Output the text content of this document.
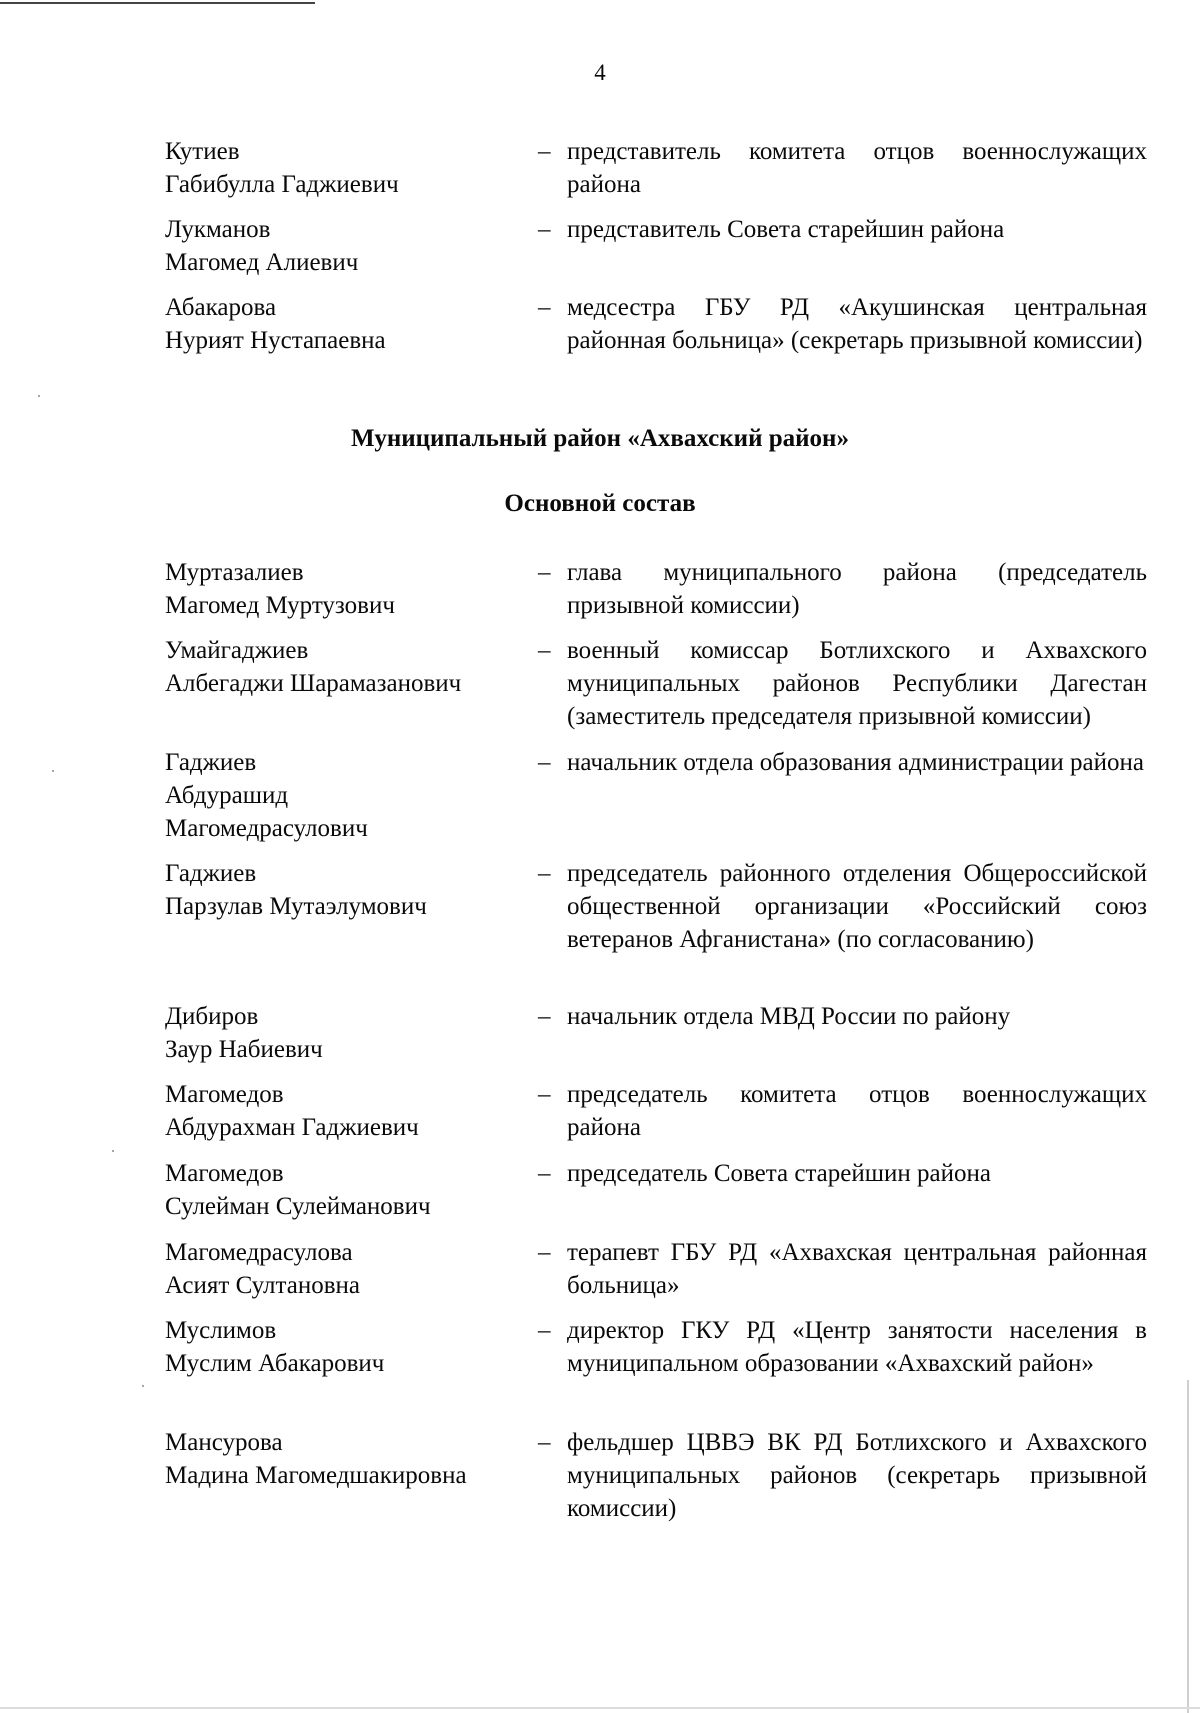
4
Кутиев
Габибулла Гаджиевич
– представитель комитета отцов военнослужащих района
Лукманов
Магомед Алиевич
– представитель Совета старейшин района
Абакарова
Нурият Нустапаевна
– медсестра ГБУ РД «Акушинская центральная районная больница» (секретарь призывной комиссии)
Муниципальный район «Ахвахский район»
Основной состав
Муртазалиев
Магомед Муртузович
– глава муниципального района (председатель призывной комиссии)
Умайгаджиев
Албегаджи Шарамазанович
– военный комиссар Ботлихского и Ахвахского муниципальных районов Республики Дагестан (заместитель председателя призывной комиссии)
Гаджиев
Абдурашид
Магомедрасулович
– начальник отдела образования администрации района
Гаджиев
Парзулав Мутаэлумович
– председатель районного отделения Общероссийской общественной организации «Российский союз ветеранов Афганистана» (по согласованию)
Дибиров
Заур Набиевич
– начальник отдела МВД России по району
Магомедов
Абдурахман Гаджиевич
– председатель комитета отцов военнослужащих района
Магомедов
Сулейман Сулейманович
– председатель Совета старейшин района
Магомедрасулова
Асият Султановна
– терапевт ГБУ РД «Ахвахская центральная районная больница»
Муслимов
Муслим Абакарович
– директор ГКУ РД «Центр занятости населения в муниципальном образовании «Ахвахский район»
Мансурова
Мадина Магомедшакировна
– фельдшер ЦВВЭ ВК РД Ботлихского и Ахвахского муниципальных районов (секретарь призывной комиссии)
